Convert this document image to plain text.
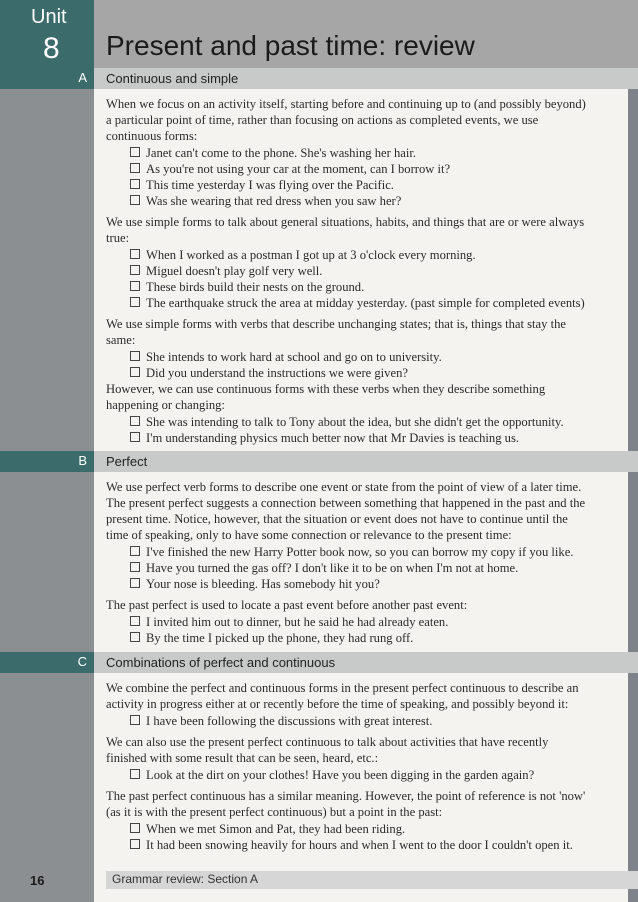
Unit
8 Present and past time: review
A Continuous and simple
When we focus on an activity itself, starting before and continuing up to (and possibly beyond)
a particular point of time, rather than focusing on actions as completed events, we use
continuous forms:
Janet can't come to the phone. She's washing her hair.
As you're not using your car at the moment, can I borrow it?
This time yesterday I was flying over the Pacific.
Was she wearing that red dress when you saw her?
We use simple forms to talk about general situations, habits, and things that are or were always
true:
When I worked as a postman I got up at 3 o'clock every morning.
Miguel doesn't play golf very well.
These birds build their nests on the ground.
The earthquake struck the area at midday yesterday. (past simple for completed events)
We use simple forms with verbs that describe unchanging states; that is, things that stay the
same:
She intends to work hard at school and go on to university.
Did you understand the instructions we were given?
However, we can use continuous forms with these verbs when they describe something
happening or changing:
She was intending to talk to Tony about the idea, but she didn't get the opportunity.
I'm understanding physics much better now that Mr Davies is teaching us.
B Perfect
We use perfect verb forms to describe one event or state from the point of view of a later time.
The present perfect suggests a connection between something that happened in the past and the
present time. Notice, however, that the situation or event does not have to continue until the
time of speaking, only to have some connection or relevance to the present time:
I've finished the new Harry Potter book now, so you can borrow my copy if you like.
Have you turned the gas off? I don't like it to be on when I'm not at home.
Your nose is bleeding. Has somebody hit you?
The past perfect is used to locate a past event before another past event:
I invited him out to dinner, but he said he had already eaten.
By the time I picked up the phone, they had rung off.
C Combinations of perfect and continuous
We combine the perfect and continuous forms in the present perfect continuous to describe an
activity in progress either at or recently before the time of speaking, and possibly beyond it:
I have been following the discussions with great interest.
We can also use the present perfect continuous to talk about activities that have recently
finished with some result that can be seen, heard, etc.:
Look at the dirt on your clothes! Have you been digging in the garden again?
The past perfect continuous has a similar meaning. However, the point of reference is not 'now'
(as it is with the present perfect continuous) but a point in the past:
When we met Simon and Pat, they had been riding.
It had been snowing heavily for hours and when I went to the door I couldn't open it.
16	Grammar review: Section A
